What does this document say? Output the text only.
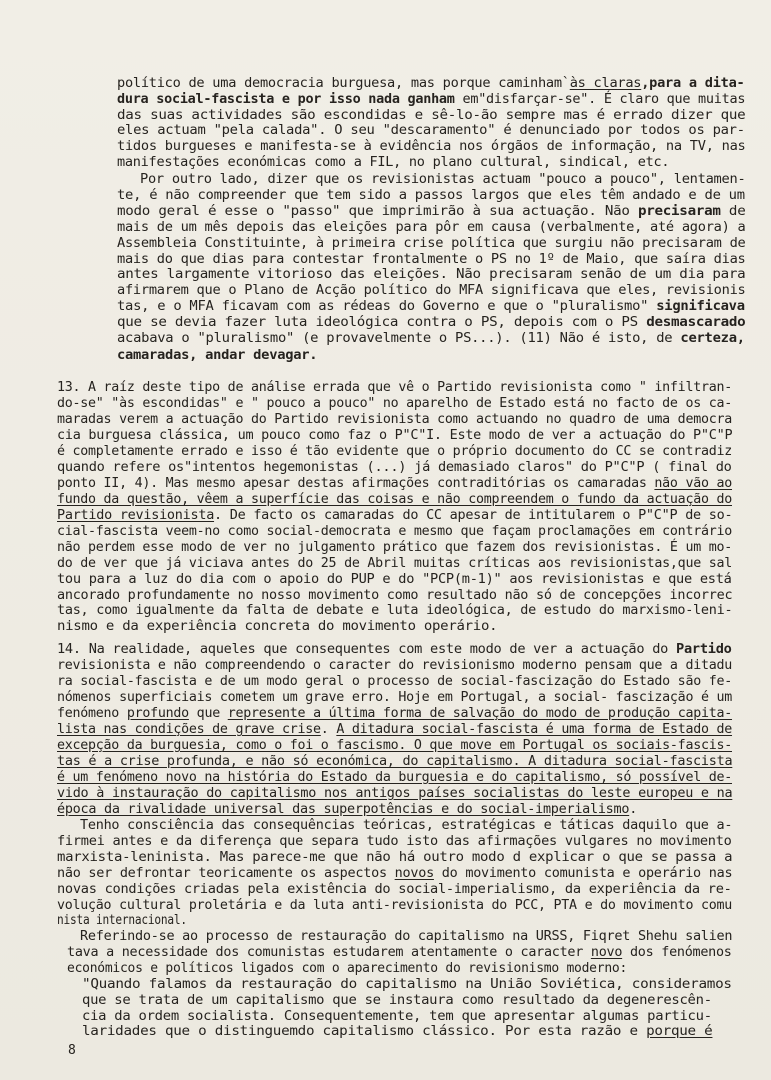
político de uma democracia burguesa, mas porque caminham`às claras,para a dita-
dura social-fascista e por isso nada ganham em"disfarçar-se". É claro que muitas
das suas actividades são escondidas e sê-lo-ão sempre mas é errado dizer que
eles actuam "pela calada". O seu "descaramento" é denunciado por todos os par-
tidos burgueses e manifesta-se à evidência nos órgãos de informação, na TV, nas
manifestações económicas como a FIL, no plano cultural, sindical, etc.
Por outro lado, dizer que os revisionistas actuam "pouco a pouco", lentamen-
te, é não compreender que tem sido a passos largos que eles têm andado e de um
modo geral é esse o "passo" que imprimirão à sua actuação. Não precisaram de
mais de um mês depois das eleições para pôr em causa (verbalmente, até agora) a
Assembleia Constituinte, à primeira crise política que surgiu não precisaram de
mais do que dias para contestar frontalmente o PS no 1º de Maio, que saíra dias
antes largamente vitorioso das eleições. Não precisaram senão de um dia para
afirmarem que o Plano de Acção político do MFA significava que eles, revisionis
tas, e o MFA ficavam com as rédeas do Governo e que o "pluralismo" significava
que se devia fazer luta ideológica contra o PS, depois com o PS desmascarado
acabava o "pluralismo" (e provavelmente o PS...). (11) Não é isto, de certeza,
camaradas, andar devagar.
13. A raíz deste tipo de análise errada que vê o Partido revisionista como " infiltran-
do-se" "às escondidas" e " pouco a pouco" no aparelho de Estado está no facto de os ca-
maradas verem a actuação do Partido revisionista como actuando no quadro de uma democra
cia burguesa clássica, um pouco como faz o P"C"I. Este modo de ver a actuação do P"C"P
é completamente errado e isso é tão evidente que o próprio documento do CC se contradiz
quando refere os"intentos hegemonistas (...) já demasiado claros" do P"C"P ( final do
ponto II, 4). Mas mesmo apesar destas afirmações contraditórias os camaradas não vão ao
fundo da questão, vêem a superfície das coisas e não compreendem o fundo da actuação do
Partido revisionista. De facto os camaradas do CC apesar de intitularem o P"C"P de so-
cial-fascista veem-no como social-democrata e mesmo que façam proclamações em contrário
não perdem esse modo de ver no julgamento prático que fazem dos revisionistas. É um mo-
do de ver que já viciava antes do 25 de Abril muitas críticas aos revisionistas,que sal
tou para a luz do dia com o apoio do PUP e do "PCP(m-1)" aos revisionistas e que está
ancorado profundamente no nosso movimento como resultado não só de concepções incorrec
tas, como igualmente da falta de debate e luta ideológica, de estudo do marxismo-leni-
nismo e da experiência concreta do movimento operário.
14. Na realidade, aqueles que consequentes com este modo de ver a actuação do Partido
revisionista e não compreendendo o caracter do revisionismo moderno pensam que a ditadu
ra social-fascista e de um modo geral o processo de social-fascização do Estado são fe-
nómenos superficiais cometem um grave erro. Hoje em Portugal, a social- fascização é um
fenómeno profundo que represente a última forma de salvação do modo de produção capita-
lista nas condições de grave crise. A ditadura social-fascista é uma forma de Estado de
excepção da burguesia, como o foi o fascismo. O que move em Portugal os sociais-fascis-
tas é a crise profunda, e não só económica, do capitalismo. A ditadura social-fascista
é um fenómeno novo na história do Estado da burguesia e do capitalismo, só possível de-
vido à instauração do capitalismo nos antigos países socialistas do leste europeu e na
época da rivalidade universal das superpotências e do social-imperialismo.
Tenho consciência das consequências teóricas, estratégicas e táticas daquilo que a-
firmei antes e da diferença que separa tudo isto das afirmações vulgares no movimento
marxista-leninista. Mas parece-me que não há outro modo d explicar o que se passa a
não ser defrontar teoricamente os aspectos novos do movimento comunista e operário nas
novas condições criadas pela existência do social-imperialismo, da experiência da re-
volução cultural proletária e da luta anti-revisionista do PCC, PTA e do movimento comu
nista internacional.
Referindo-se ao processo de restauração do capitalismo na URSS, Fiqret Shehu salien
tava a necessidade dos comunistas estudarem atentamente o caracter novo dos fenómenos
económicos e políticos ligados com o aparecimento do revisionismo moderno:
"Quando falamos da restauração do capitalismo na União Soviética, consideramos
que se trata de um capitalismo que se instaura como resultado da degenerescên-
cia da ordem socialista. Consequentemente, tem que apresentar algumas particu-
laridades que o distinguemdo capitalismo clássico. Por esta razão e porque é
8
